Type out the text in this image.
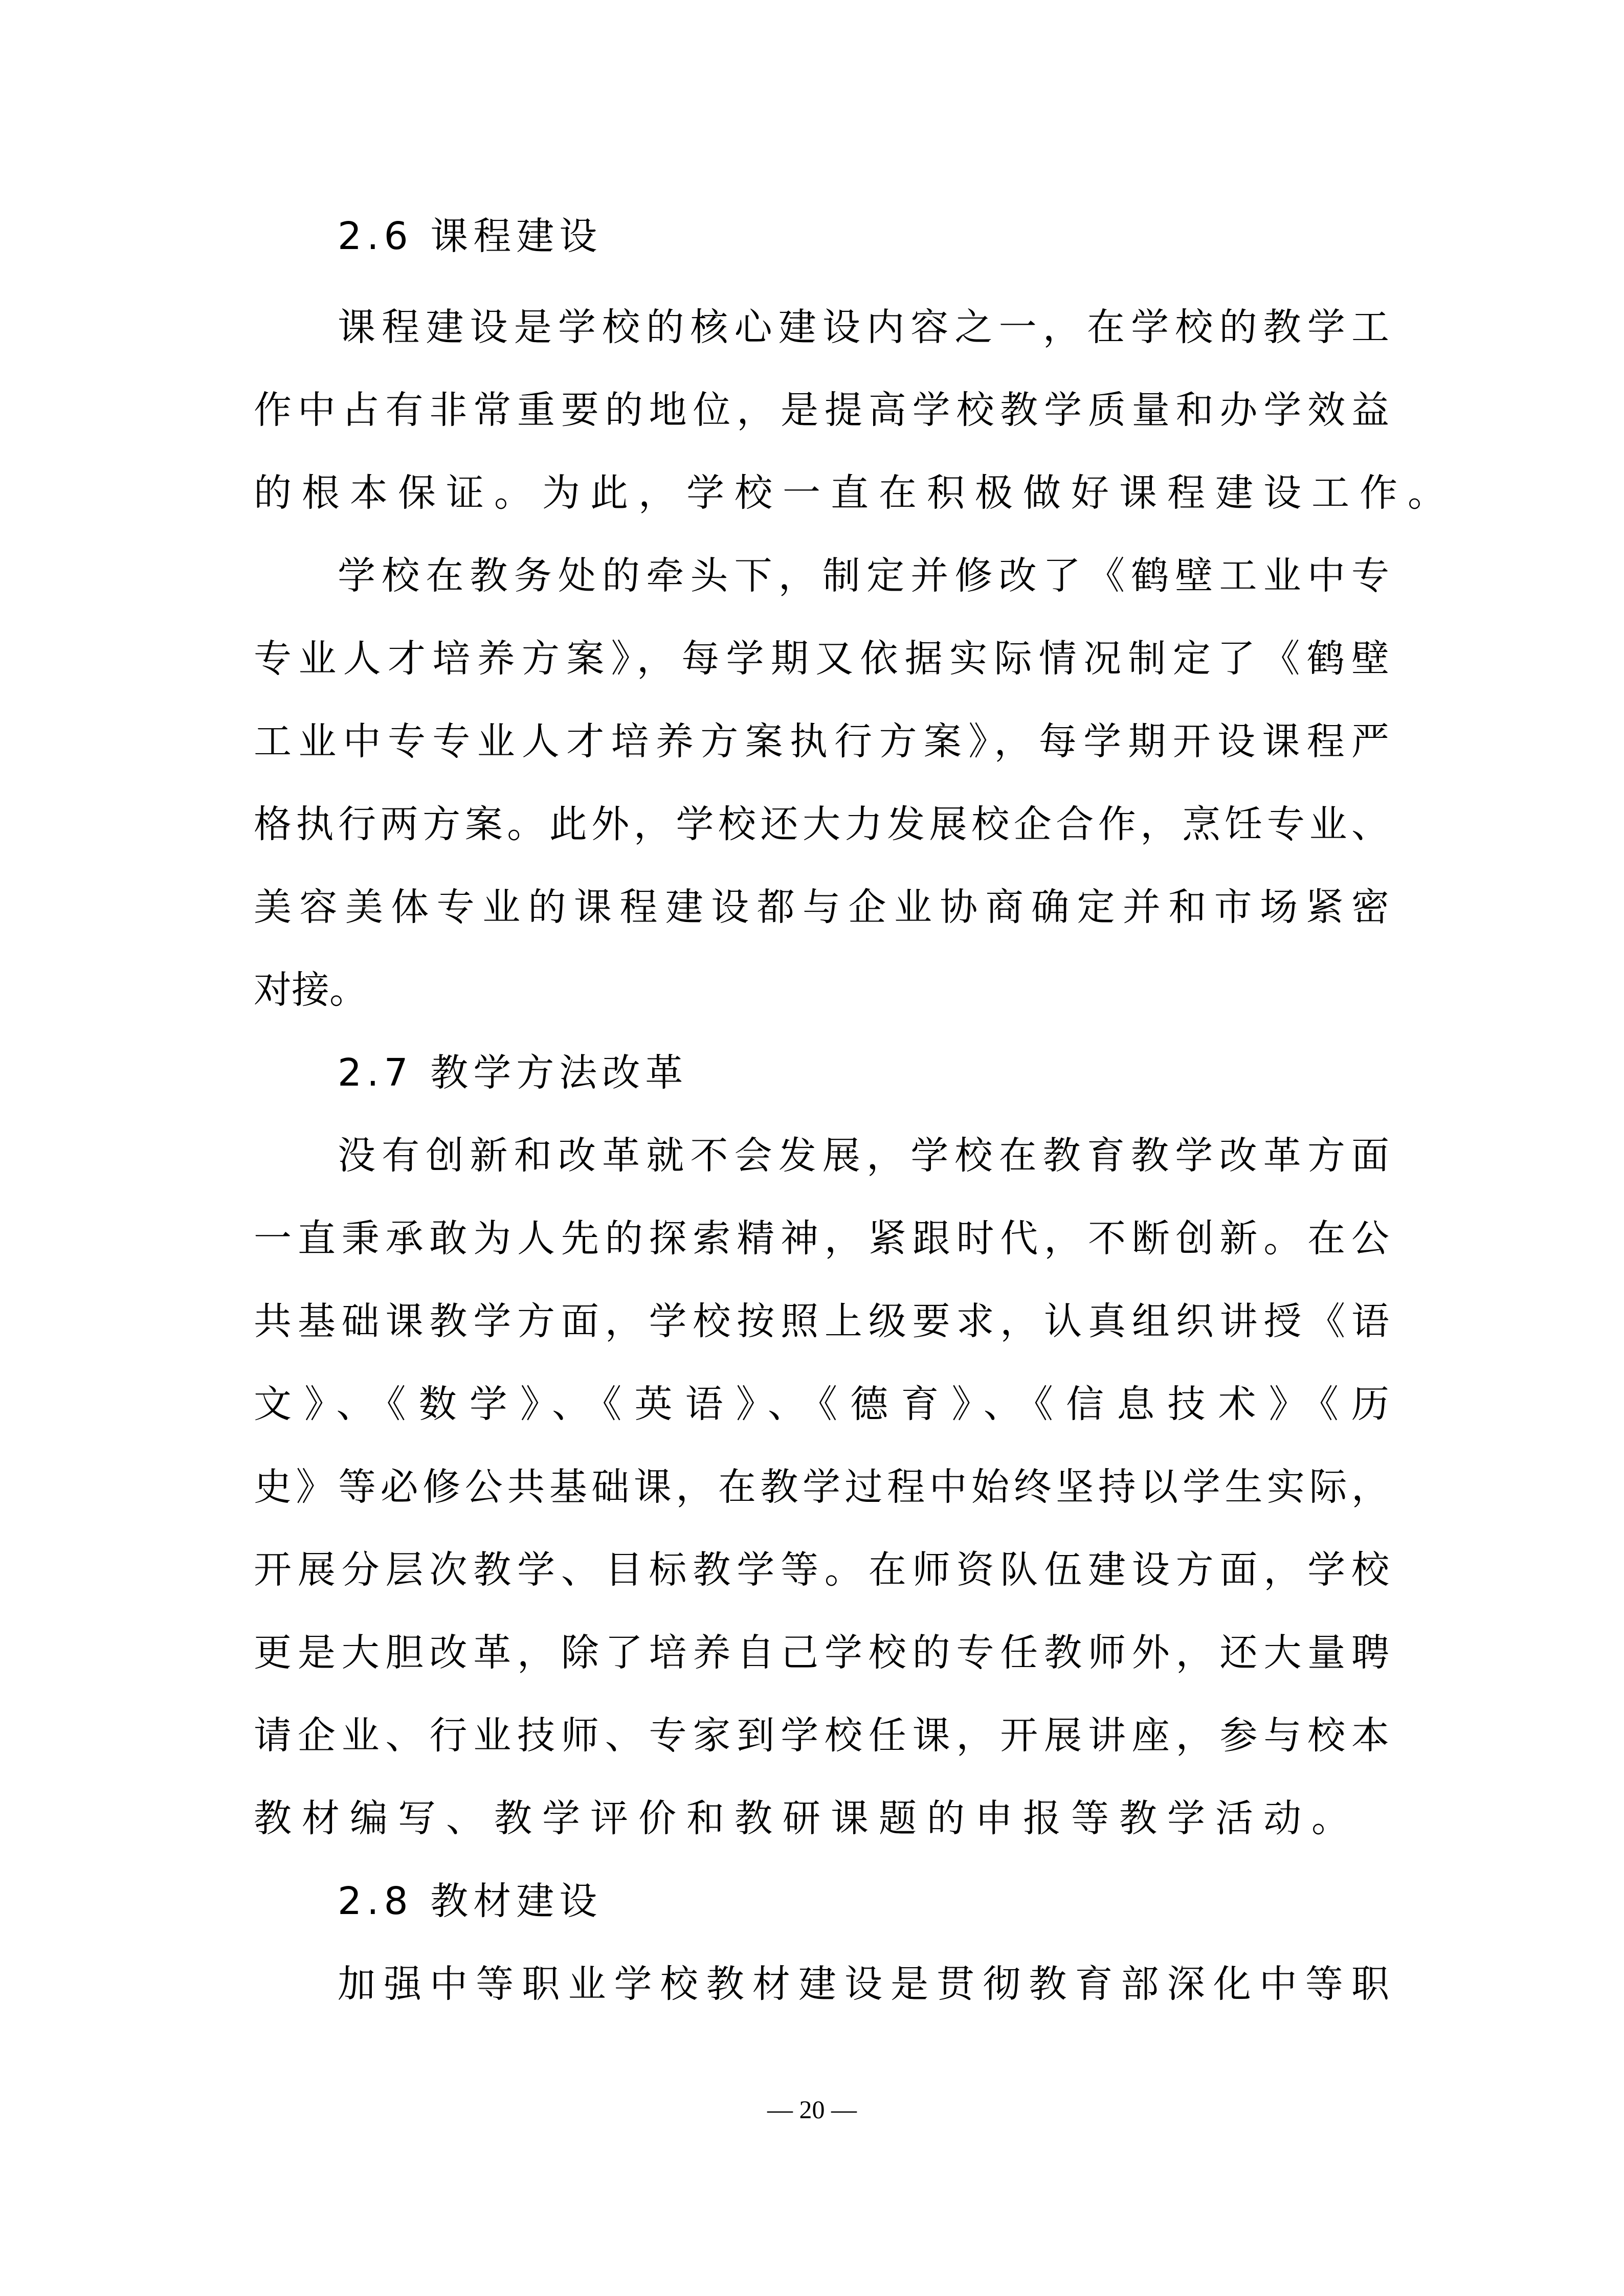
2.6 课程建设
课程建设是学校的核心建设内容之一，在学校的教学工
作中占有非常重要的地位，是提高学校教学质量和办学效益
的根本保证。为此，学校一直在积极做好课程建设工作。
学校在教务处的牵头下，制定并修改了《鹤壁工业中专
专业人才培养方案》，每学期又依据实际情况制定了《鹤壁
工业中专专业人才培养方案执行方案》，每学期开设课程严
格执行两方案。此外，学校还大力发展校企合作，烹饪专业、
美容美体专业的课程建设都与企业协商确定并和市场紧密
对接。
2.7 教学方法改革
没有创新和改革就不会发展，学校在教育教学改革方面
一直秉承敢为人先的探索精神，紧跟时代，不断创新。在公
共基础课教学方面，学校按照上级要求，认真组织讲授《语
文》、《数学》、《英语》、《德育》、《信息技术》《历
史》等必修公共基础课，在教学过程中始终坚持以学生实际，
开展分层次教学、目标教学等。在师资队伍建设方面，学校
更是大胆改革，除了培养自己学校的专任教师外，还大量聘
请企业、行业技师、专家到学校任课，开展讲座，参与校本
教材编写、教学评价和教研课题的申报等教学活动。
2.8 教材建设
加强中等职业学校教材建设是贯彻教育部深化中等职
— 20 —
